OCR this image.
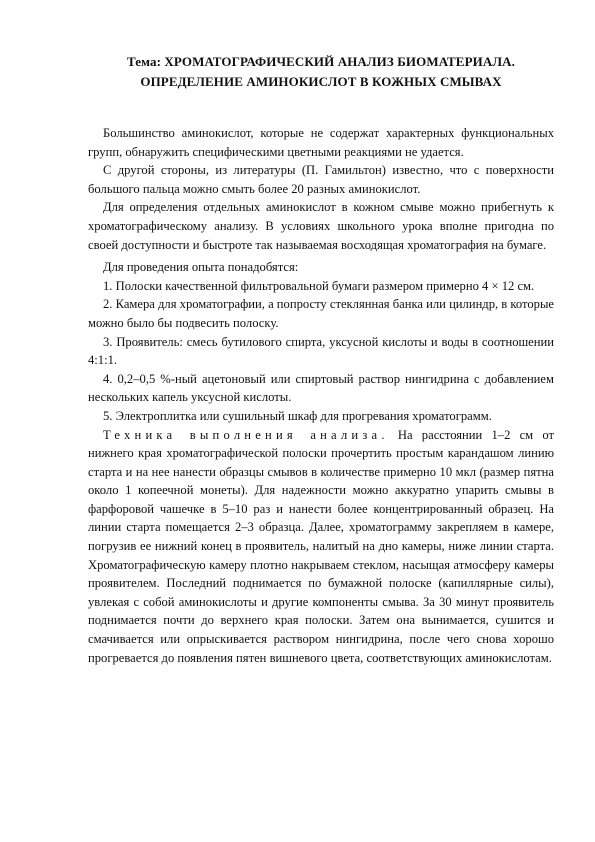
Тема: ХРОМАТОГРАФИЧЕСКИЙ АНАЛИЗ БИОМАТЕРИАЛА.
ОПРЕДЕЛЕНИЕ АМИНОКИСЛОТ В КОЖНЫХ СМЫВАХ

Большинство аминокислот, которые не содержат характерных функциональных групп, обнаружить специфическими цветными реакциями не удается.

С другой стороны, из литературы (П. Гамильтон) известно, что с поверхности большого пальца можно смыть более 20 разных аминокислот.

Для определения отдельных аминокислот в кожном смыве можно прибегнуть к хроматографическому анализу. В условиях школьного урока вполне пригодна по своей доступности и быстроте так называемая восходящая хроматография на бумаге.

Для проведения опыта понадобятся:

1. Полоски качественной фильтровальной бумаги размером примерно 4 × 12 см.

2. Камера для хроматографии, а попросту стеклянная банка или цилиндр, в которые можно было бы подвесить полоску.

3. Проявитель: смесь бутилового спирта, уксусной кислоты и воды в соотношении 4:1:1.

4. 0,2–0,5 %-ный ацетоновый или спиртовый раствор нингидрина с добавлением нескольких капель уксусной кислоты.

5. Электроплитка или сушильный шкаф для прогревания хроматограмм.

Техника выполнения анализа. На расстоянии 1–2 см от нижнего края хроматографической полоски прочертить простым карандашом линию старта и на нее нанести образцы смывов в количестве примерно 10 мкл (размер пятна около 1 копеечной монеты). Для надежности можно аккуратно упарить смывы в фарфоровой чашечке в 5–10 раз и нанести более концентрированный образец. На линии старта помещается 2–3 образца. Далее, хроматограмму закрепляем в камере, погрузив ее нижний конец в проявитель, налитый на дно камеры, ниже линии старта. Хроматографическую камеру плотно накрываем стеклом, насыщая атмосферу камеры проявителем. Последний поднимается по бумажной полоске (капиллярные силы), увлекая с собой аминокислоты и другие компоненты смыва. За 30 минут проявитель поднимается почти до верхнего края полоски. Затем она вынимается, сушится и смачивается или опрыскивается раствором нингидрина, после чего снова хорошо прогревается до появления пятен вишневого цвета, соответствующих аминокислотам.
